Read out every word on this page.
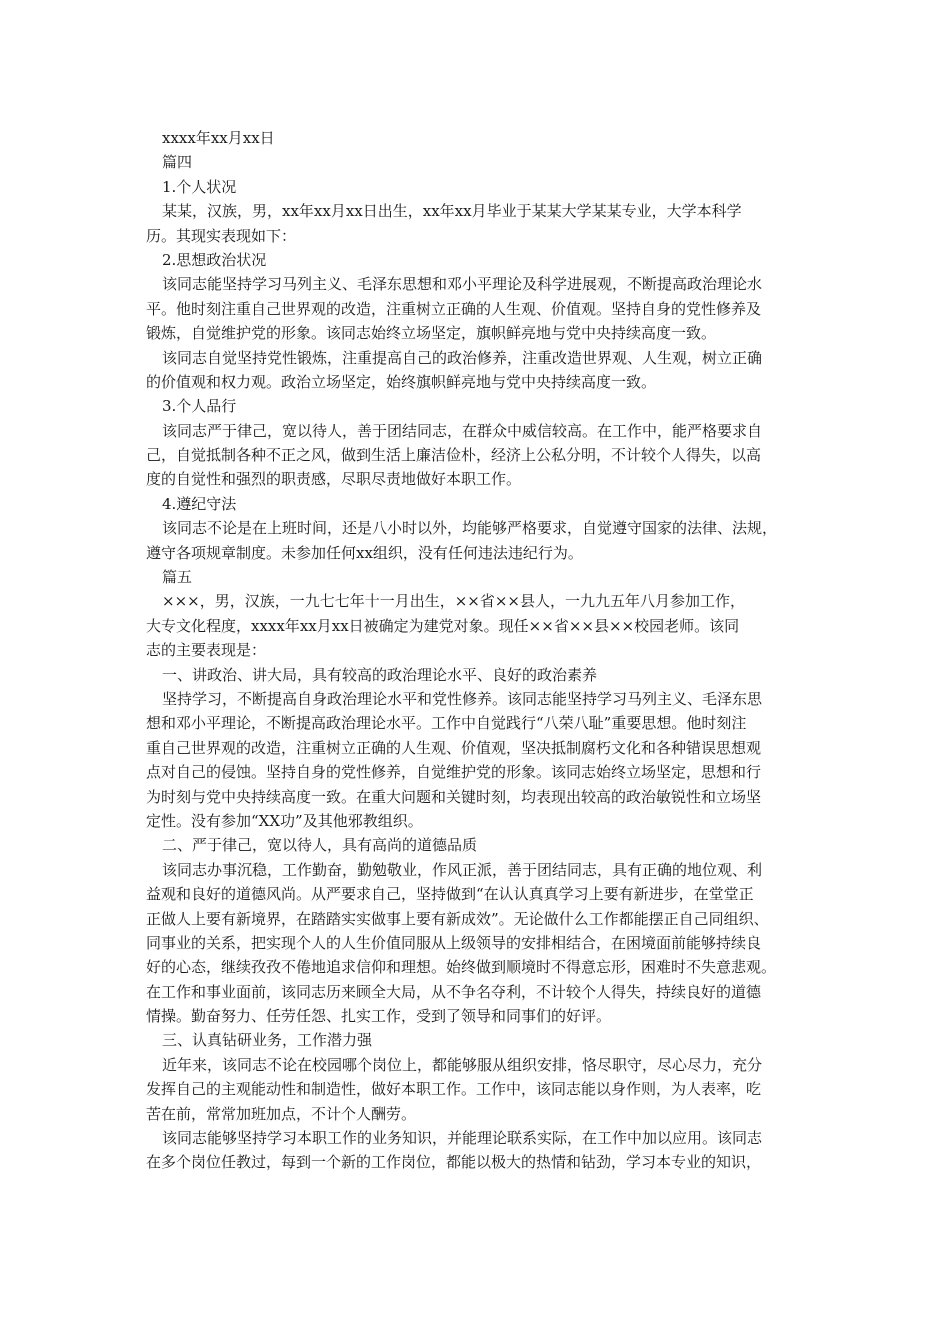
xxxx年xx月xx日
篇四
1.个人状况
某某，汉族，男，xx年xx月xx日出生，xx年xx月毕业于某某大学某某专业，大学本科学
历。其现实表现如下：
2.思想政治状况
该同志能坚持学习马列主义、毛泽东思想和邓小平理论及科学进展观，不断提高政治理论水
平。他时刻注重自己世界观的改造，注重树立正确的人生观、价值观。坚持自身的党性修养及
锻炼，自觉维护党的形象。该同志始终立场坚定，旗帜鲜亮地与党中央持续高度一致。
该同志自觉坚持党性锻炼，注重提高自己的政治修养，注重改造世界观、人生观，树立正确
的价值观和权力观。政治立场坚定，始终旗帜鲜亮地与党中央持续高度一致。
3.个人品行
该同志严于律己，宽以待人，善于团结同志，在群众中威信较高。在工作中，能严格要求自
己，自觉抵制各种不正之风，做到生活上廉洁俭朴，经济上公私分明，不计较个人得失，以高
度的自觉性和强烈的职责感，尽职尽责地做好本职工作。
4.遵纪守法
该同志不论是在上班时间，还是八小时以外，均能够严格要求，自觉遵守国家的法律、法规，
遵守各项规章制度。未参加任何xx组织，没有任何违法违纪行为。
篇五
×××，男，汉族，一九七七年十一月出生，××省××县人，一九九五年八月参加工作，
大专文化程度，xxxx年xx月xx日被确定为建党对象。现任××省××县××校园老师。该同
志的主要表现是：
一、讲政治、讲大局，具有较高的政治理论水平、良好的政治素养
坚持学习，不断提高自身政治理论水平和党性修养。该同志能坚持学习马列主义、毛泽东思
想和邓小平理论，不断提高政治理论水平。工作中自觉践行“八荣八耻”重要思想。他时刻注
重自己世界观的改造，注重树立正确的人生观、价值观，坚决抵制腐朽文化和各种错误思想观
点对自己的侵蚀。坚持自身的党性修养，自觉维护党的形象。该同志始终立场坚定，思想和行
为时刻与党中央持续高度一致。在重大问题和关键时刻，均表现出较高的政治敏锐性和立场坚
定性。没有参加“XX功”及其他邪教组织。
二、严于律己，宽以待人，具有高尚的道德品质
该同志办事沉稳，工作勤奋，勤勉敬业，作风正派，善于团结同志，具有正确的地位观、利
益观和良好的道德风尚。从严要求自己，坚持做到“在认认真真学习上要有新进步，在堂堂正
正做人上要有新境界，在踏踏实实做事上要有新成效”。无论做什么工作都能摆正自己同组织、
同事业的关系，把实现个人的人生价值同服从上级领导的安排相结合，在困境面前能够持续良
好的心态，继续孜孜不倦地追求信仰和理想。始终做到顺境时不得意忘形，困难时不失意悲观。
在工作和事业面前，该同志历来顾全大局，从不争名夺利，不计较个人得失，持续良好的道德
情操。勤奋努力、任劳任怨、扎实工作，受到了领导和同事们的好评。
三、认真钻研业务，工作潜力强
近年来，该同志不论在校园哪个岗位上，都能够服从组织安排，恪尽职守，尽心尽力，充分
发挥自己的主观能动性和制造性，做好本职工作。工作中，该同志能以身作则，为人表率，吃
苦在前，常常加班加点，不计个人酬劳。
该同志能够坚持学习本职工作的业务知识，并能理论联系实际，在工作中加以应用。该同志
在多个岗位任教过，每到一个新的工作岗位，都能以极大的热情和钻劲，学习本专业的知识，
